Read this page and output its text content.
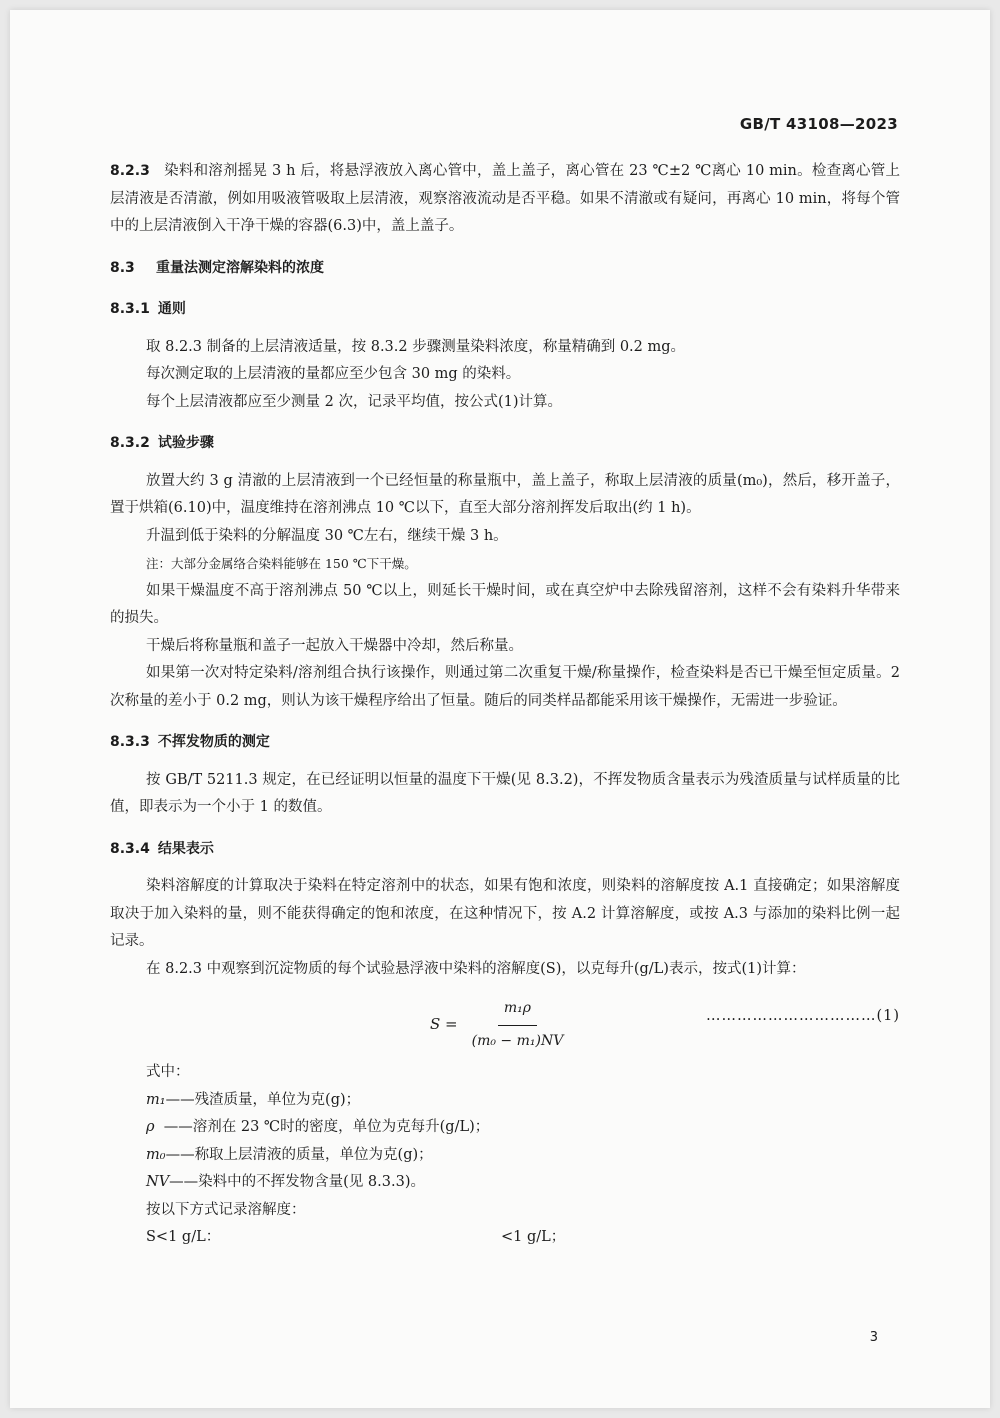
GB/T 43108—2023

8.2.3 染料和溶剂摇晃 3 h 后，将悬浮液放入离心管中，盖上盖子，离心管在 23 ℃±2 ℃离心 10 min。检查离心管上层清液是否清澈，例如用吸液管吸取上层清液，观察溶液流动是否平稳。如果不清澈或有疑问，再离心 10 min，将每个管中的上层清液倒入干净干燥的容器(6.3)中，盖上盖子。

8.3 重量法测定溶解染料的浓度
8.3.1 通则

取 8.2.3 制备的上层清液适量，按 8.3.2 步骤测量染料浓度，称量精确到 0.2 mg。

每次测定取的上层清液的量都应至少包含 30 mg 的染料。

每个上层清液都应至少测量 2 次，记录平均值，按公式(1)计算。

8.3.2 试验步骤

放置大约 3 g 清澈的上层清液到一个已经恒量的称量瓶中，盖上盖子，称取上层清液的质量(m₀)，然后，移开盖子，置于烘箱(6.10)中，温度维持在溶剂沸点 10 ℃以下，直至大部分溶剂挥发后取出(约 1 h)。

升温到低于染料的分解温度 30 ℃左右，继续干燥 3 h。

注：大部分金属络合染料能够在 150 ℃下干燥。

如果干燥温度不高于溶剂沸点 50 ℃以上，则延长干燥时间，或在真空炉中去除残留溶剂，这样不会有染料升华带来的损失。

干燥后将称量瓶和盖子一起放入干燥器中冷却，然后称量。

如果第一次对特定染料/溶剂组合执行该操作，则通过第二次重复干燥/称量操作，检查染料是否已干燥至恒定质量。2 次称量的差小于 0.2 mg，则认为该干燥程序给出了恒量。随后的同类样品都能采用该干燥操作，无需进一步验证。

8.3.3 不挥发物质的测定

按 GB/T 5211.3 规定，在已经证明以恒量的温度下干燥(见 8.3.2)，不挥发物质含量表示为残渣质量与试样质量的比值，即表示为一个小于 1 的数值。

8.3.4 结果表示

染料溶解度的计算取决于染料在特定溶剂中的状态，如果有饱和浓度，则染料的溶解度按 A.1 直接确定；如果溶解度取决于加入染料的量，则不能获得确定的饱和浓度，在这种情况下，按 A.2 计算溶解度，或按 A.3 与添加的染料比例一起记录。

在 8.2.3 中观察到沉淀物质的每个试验悬浮液中染料的溶解度(S)，以克每升(g/L)表示，按式(1)计算：

$S = \frac{\text{m₁ρ}}{\text{(m₀ − m₁)NV}}$	……………………………(1)
式中：
m₁ ——残渣质量，单位为克(g)；
ρ ——溶剂在 23 ℃时的密度，单位为克每升(g/L)；
m₀ ——称取上层清液的质量，单位为克(g)；
NV ——染料中的不挥发物含量(见 8.3.3)。
按以下方式记录溶解度：
S<1 g/L：	<1 g/L；
3
